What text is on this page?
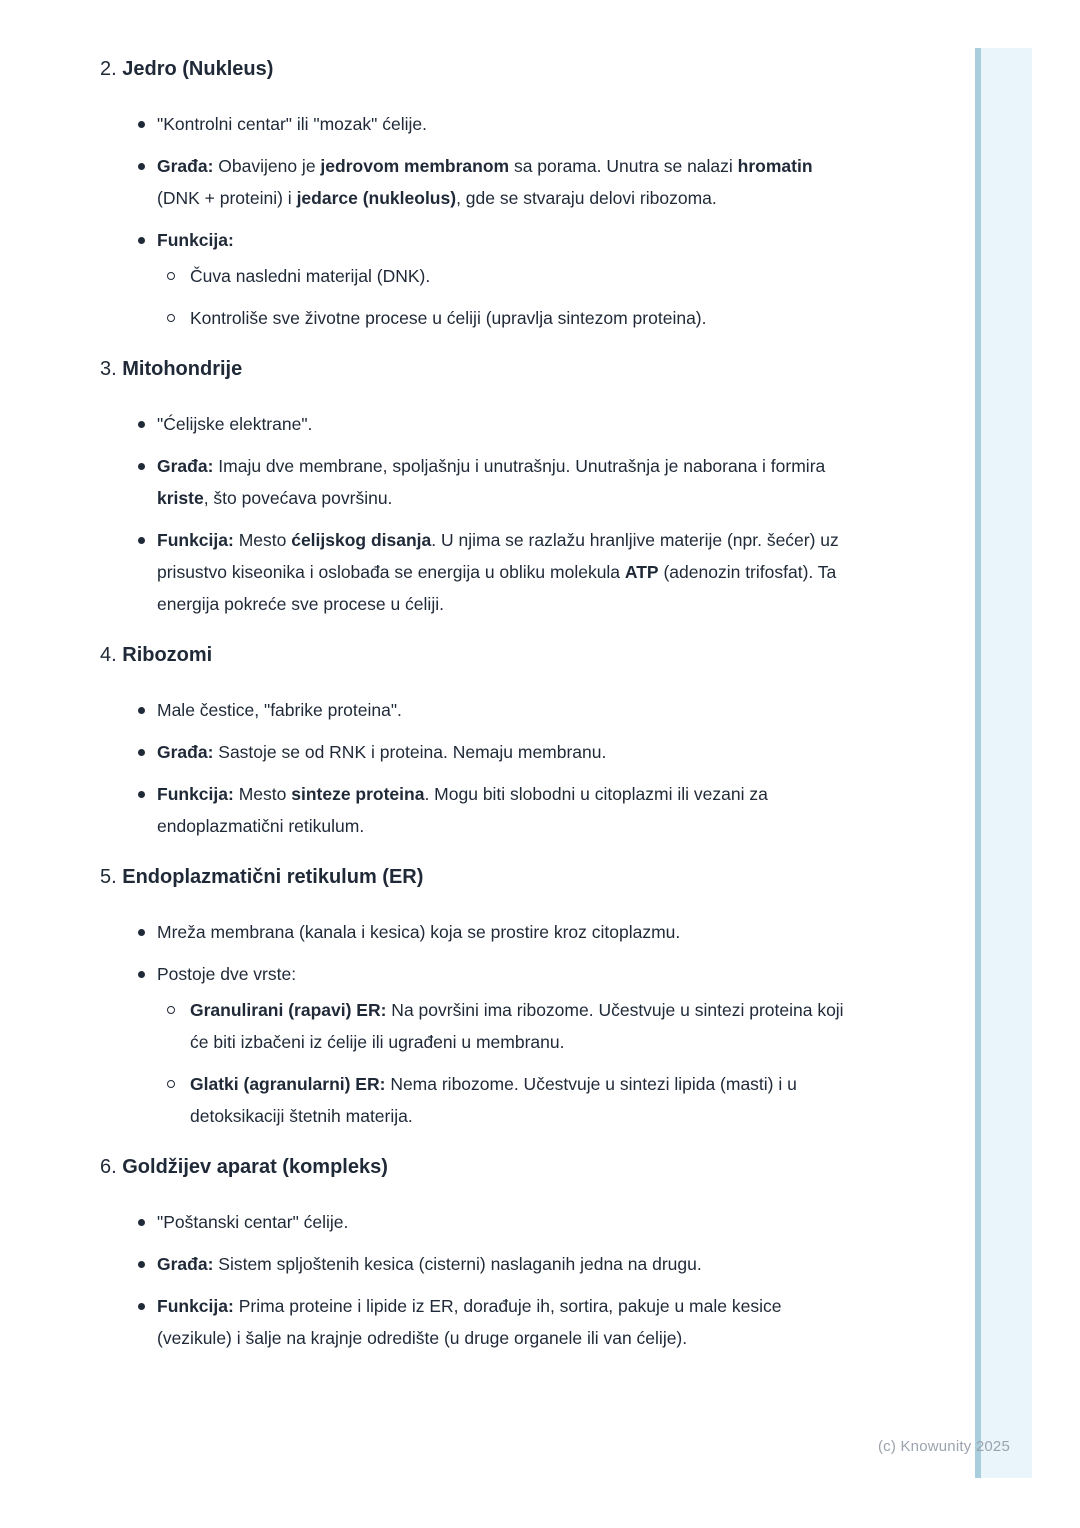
(c) Knowunity 2025
2. Jedro (Nukleus)
"Kontrolni centar" ili "mozak" ćelije.
Građa: Obavijeno je jedrovom membranom sa porama. Unutra se nalazi hromatin (DNK + proteini) i jedarce (nukleolus), gde se stvaraju delovi ribozoma.
Funkcija:
Čuva nasledni materijal (DNK).
Kontroliše sve životne procese u ćeliji (upravlja sintezom proteina).
3. Mitohondrije
"Ćelijske elektrane".
Građa: Imaju dve membrane, spoljašnju i unutrašnju. Unutrašnja je naborana i formira kriste, što povećava površinu.
Funkcija: Mesto ćelijskog disanja. U njima se razlažu hranljive materije (npr. šećer) uz prisustvo kiseonika i oslobađa se energija u obliku molekula ATP (adenozin trifosfat). Ta energija pokreće sve procese u ćeliji.
4. Ribozomi
Male čestice, "fabrike proteina".
Građa: Sastoje se od RNK i proteina. Nemaju membranu.
Funkcija: Mesto sinteze proteina. Mogu biti slobodni u citoplazmi ili vezani za endoplazmatični retikulum.
5. Endoplazmatični retikulum (ER)
Mreža membrana (kanala i kesica) koja se prostire kroz citoplazmu.
Postoje dve vrste:
Granulirani (rapavi) ER: Na površini ima ribozome. Učestvuje u sintezi proteina koji će biti izbačeni iz ćelije ili ugrađeni u membranu.
Glatki (agranularni) ER: Nema ribozome. Učestvuje u sintezi lipida (masti) i u detoksikaciji štetnih materija.
6. Goldžijev aparat (kompleks)
"Poštanski centar" ćelije.
Građa: Sistem spljoštenih kesica (cisterni) naslaganih jedna na drugu.
Funkcija: Prima proteine i lipide iz ER, dorađuje ih, sortira, pakuje u male kesice (vezikule) i šalje na krajnje odredište (u druge organele ili van ćelije).
